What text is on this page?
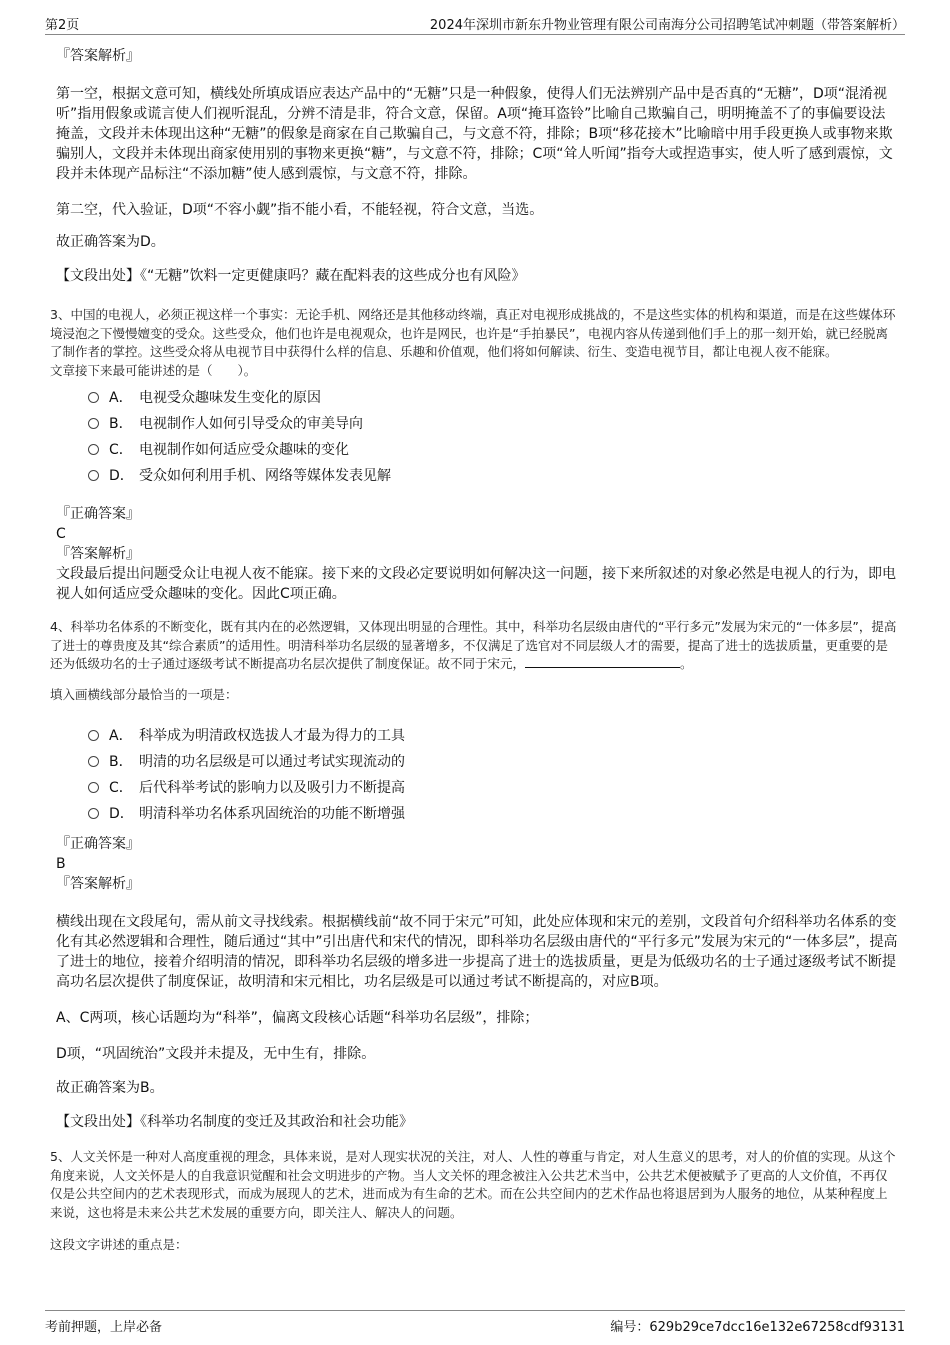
第2页	2024年深圳市新东升物业管理有限公司南海分公司招聘笔试冲刺题（带答案解析）

『答案解析』

第一空，根据文意可知，横线处所填成语应表达产品中的“无糖”只是一种假象，使得人们无法辨别产品中是否真的“无糖”，D项“混淆视听”指用假象或谎言使人们视听混乱，分辨不清是非，符合文意，保留。A项“掩耳盗铃”比喻自己欺骗自己，明明掩盖不了的事偏要设法掩盖，文段并未体现出这种“无糖”的假象是商家在自己欺骗自己，与文意不符，排除；B项“移花接木”比喻暗中用手段更换人或事物来欺骗别人，文段并未体现出商家使用别的事物来更换“糖”，与文意不符，排除；C项“耸人听闻”指夸大或捏造事实，使人听了感到震惊，文段并未体现产品标注“不添加糖”使人感到震惊，与文意不符，排除。

第二空，代入验证，D项“不容小觑”指不能小看，不能轻视，符合文意，当选。

故正确答案为D。

【文段出处】《“无糖”饮料一定更健康吗？藏在配料表的这些成分也有风险》

3、中国的电视人，必须正视这样一个事实：无论手机、网络还是其他移动终端，真正对电视形成挑战的，不是这些实体的机构和渠道，而是在这些媒体环境浸泡之下慢慢嬗变的受众。这些受众，他们也许是电视观众，也许是网民，也许是“手拍暴民”，电视内容从传递到他们手上的那一刻开始，就已经脱离了制作者的掌控。这些受众将从电视节目中获得什么样的信息、乐趣和价值观，他们将如何解读、衍生、变造电视节目，都让电视人夜不能寐。

文章接下来最可能讲述的是（　　）。

A． 电视受众趣味发生变化的原因
B． 电视制作人如何引导受众的审美导向
C． 电视制作如何适应受众趣味的变化
D． 受众如何利用手机、网络等媒体发表见解

『正确答案』

C

『答案解析』

文段最后提出问题受众让电视人夜不能寐。接下来的文段必定要说明如何解决这一问题，接下来所叙述的对象必然是电视人的行为，即电视人如何适应受众趣味的变化。因此C项正确。

4、科举功名体系的不断变化，既有其内在的必然逻辑，又体现出明显的合理性。其中，科举功名层级由唐代的“平行多元”发展为宋元的“一体多层”，提高了进士的尊贵度及其“综合素质”的适用性。明清科举功名层级的显著增多，不仅满足了选官对不同层级人才的需要，提高了进士的选拔质量，更重要的是还为低级功名的士子通过逐级考试不断提高功名层次提供了制度保证。故不同于宋元，	。

填入画横线部分最恰当的一项是：

A． 科举成为明清政权选拔人才最为得力的工具
B． 明清的功名层级是可以通过考试实现流动的
C． 后代科举考试的影响力以及吸引力不断提高
D． 明清科举功名体系巩固统治的功能不断增强

『正确答案』

B

『答案解析』

横线出现在文段尾句，需从前文寻找线索。根据横线前“故不同于宋元”可知，此处应体现和宋元的差别，文段首句介绍科举功名体系的变化有其必然逻辑和合理性，随后通过“其中”引出唐代和宋代的情况，即科举功名层级由唐代的“平行多元”发展为宋元的“一体多层”，提高了进士的地位，接着介绍明清的情况，即科举功名层级的增多进一步提高了进士的选拔质量，更是为低级功名的士子通过逐级考试不断提高功名层次提供了制度保证，故明清和宋元相比，功名层级是可以通过考试不断提高的，对应B项。

A、C两项，核心话题均为“科举”，偏离文段核心话题“科举功名层级”，排除；

D项，“巩固统治”文段并未提及，无中生有，排除。

故正确答案为B。

【文段出处】《科举功名制度的变迁及其政治和社会功能》

5、人文关怀是一种对人高度重视的理念，具体来说，是对人现实状况的关注，对人、人性的尊重与肯定，对人生意义的思考，对人的价值的实现。从这个角度来说，人文关怀是人的自我意识觉醒和社会文明进步的产物。当人文关怀的理念被注入公共艺术当中，公共艺术便被赋予了更高的人文价值，不再仅仅是公共空间内的艺术表现形式，而成为展现人的艺术，进而成为有生命的艺术。而在公共空间内的艺术作品也将退居到为人服务的地位，从某种程度上来说，这也将是未来公共艺术发展的重要方向，即关注人、解决人的问题。

这段文字讲述的重点是：

考前押题，上岸必备	编号：629b29ce7dcc16e132e67258cdf93131
